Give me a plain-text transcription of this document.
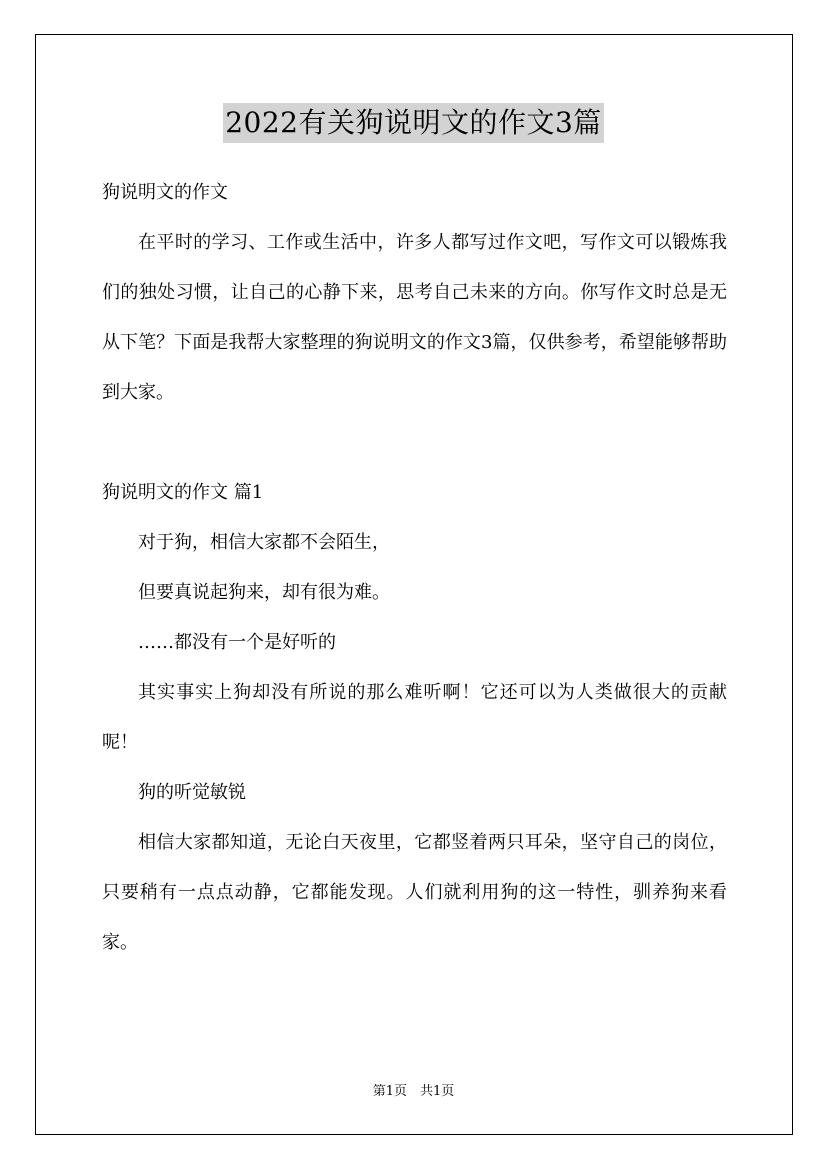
2022有关狗说明文的作文3篇

狗说明文的作文

在平时的学习、工作或生活中，许多人都写过作文吧，写作文可以锻炼我们的独处习惯，让自己的心静下来，思考自己未来的方向。你写作文时总是无从下笔？下面是我帮大家整理的狗说明文的作文3篇，仅供参考，希望能够帮助到大家。

狗说明文的作文 篇1

对于狗，相信大家都不会陌生，

但要真说起狗来，却有很为难。

……都没有一个是好听的

其实事实上狗却没有所说的那么难听啊！它还可以为人类做很大的贡献呢！

狗的听觉敏锐

相信大家都知道，无论白天夜里，它都竖着两只耳朵，坚守自己的岗位，只要稍有一点点动静，它都能发现。人们就利用狗的这一特性，驯养狗来看家。

第1页　共1页
